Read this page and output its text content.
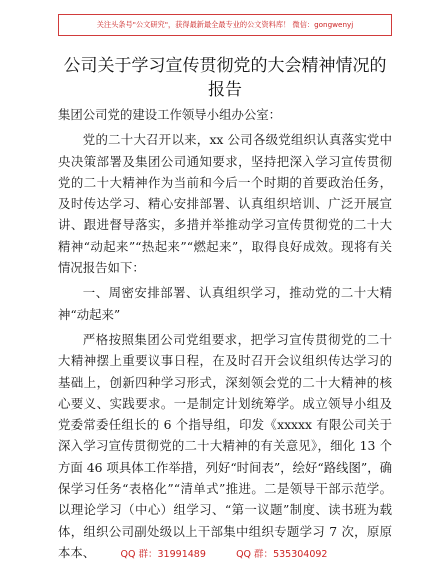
关注头条号"公文研究"，获得最新最全最专业的公文资料库！ 微信：gongwenyj
公司关于学习宣传贯彻党的大会精神情况的报告

集团公司党的建设工作领导小组办公室：

党的二十大召开以来，xx 公司各级党组织认真落实党中央决策部署及集团公司通知要求，坚持把深入学习宣传贯彻党的二十大精神作为当前和今后一个时期的首要政治任务，及时传达学习、精心安排部署、认真组织培训、广泛开展宣讲、跟进督导落实，多措并举推动学习宣传贯彻党的二十大精神“动起来”“热起来”“燃起来”，取得良好成效。现将有关情况报告如下：

一、周密安排部署、认真组织学习，推动党的二十大精神“动起来”

严格按照集团公司党组要求，把学习宣传贯彻党的二十大精神摆上重要议事日程，在及时召开会议组织传达学习的基础上，创新四种学习形式，深刻领会党的二十大精神的核心要义、实践要求。一是制定计划统筹学。成立领导小组及党委常委任组长的 6 个指导组，印发《xxxxx 有限公司关于深入学习宣传贯彻党的二十大精神的有关意见》，细化 13 个方面 46 项具体工作举措，列好“时间表”，绘好“路线图”，确保学习任务“表格化”“清单式”推进。二是领导干部示范学。以理论学习（中心）组学习、“第一议题”制度、读书班为载体，组织公司副处级以上干部集中组织专题学习 7 次，原原本本、	QQ 群：31991489	QQ 群：535304092
